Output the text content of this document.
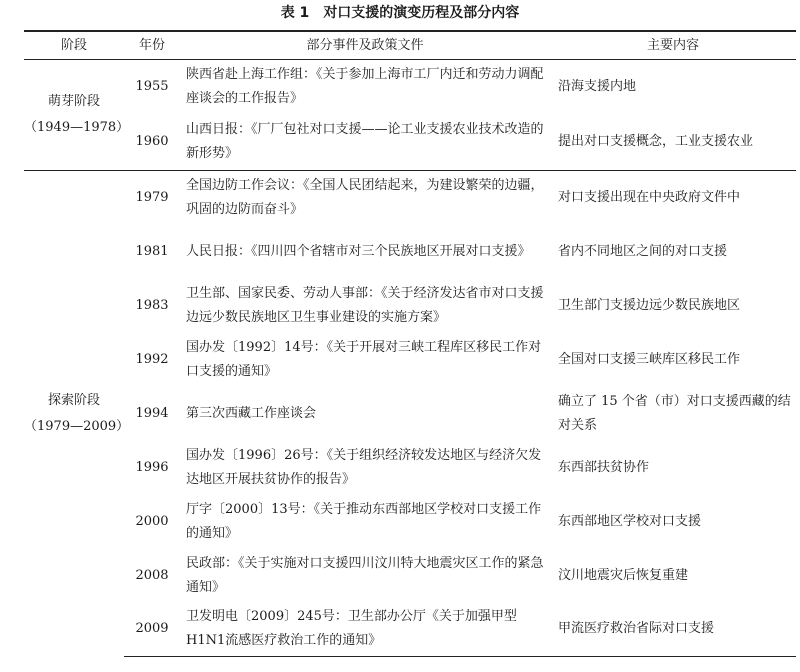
表 1 对口支援的演变历程及部分内容
阶段	年份	部分事件及政策文件	主要内容

萌芽阶段
（1949—1978）	1955	陕西省赴上海工作组：《关于参加上海市工厂内迁和劳动力调配座谈会的工作报告》	沿海支援内地
	1960	山西日报：《厂厂包社对口支援——论工业支援农业技术改造的新形势》	提出对口支援概念，工业支援农业

探索阶段
（1979—2009）	1979	全国边防工作会议：《全国人民团结起来，为建设繁荣的边疆，巩固的边防而奋斗》	对口支援出现在中央政府文件中
	1981	人民日报：《四川四个省辖市对三个民族地区开展对口支援》	省内不同地区之间的对口支援
	1983	卫生部、国家民委、劳动人事部：《关于经济发达省市对口支援边远少数民族地区卫生事业建设的实施方案》	卫生部门支援边远少数民族地区
	1992	国办发〔1992〕14号：《关于开展对三峡工程库区移民工作对口支援的通知》	全国对口支援三峡库区移民工作
	1994	第三次西藏工作座谈会	确立了 15 个省（市）对口支援西藏的结对关系
	1996	国办发〔1996〕26号：《关于组织经济较发达地区与经济欠发达地区开展扶贫协作的报告》	东西部扶贫协作
	2000	厅字〔2000〕13号：《关于推动东西部地区学校对口支援工作的通知》	东西部地区学校对口支援
	2008	民政部：《关于实施对口支援四川汶川特大地震灾区工作的紧急通知》	汶川地震灾后恢复重建
	2009	卫发明电〔2009〕245号：卫生部办公厅《关于加强甲型H1N1流感医疗救治工作的通知》	甲流医疗救治省际对口支援
